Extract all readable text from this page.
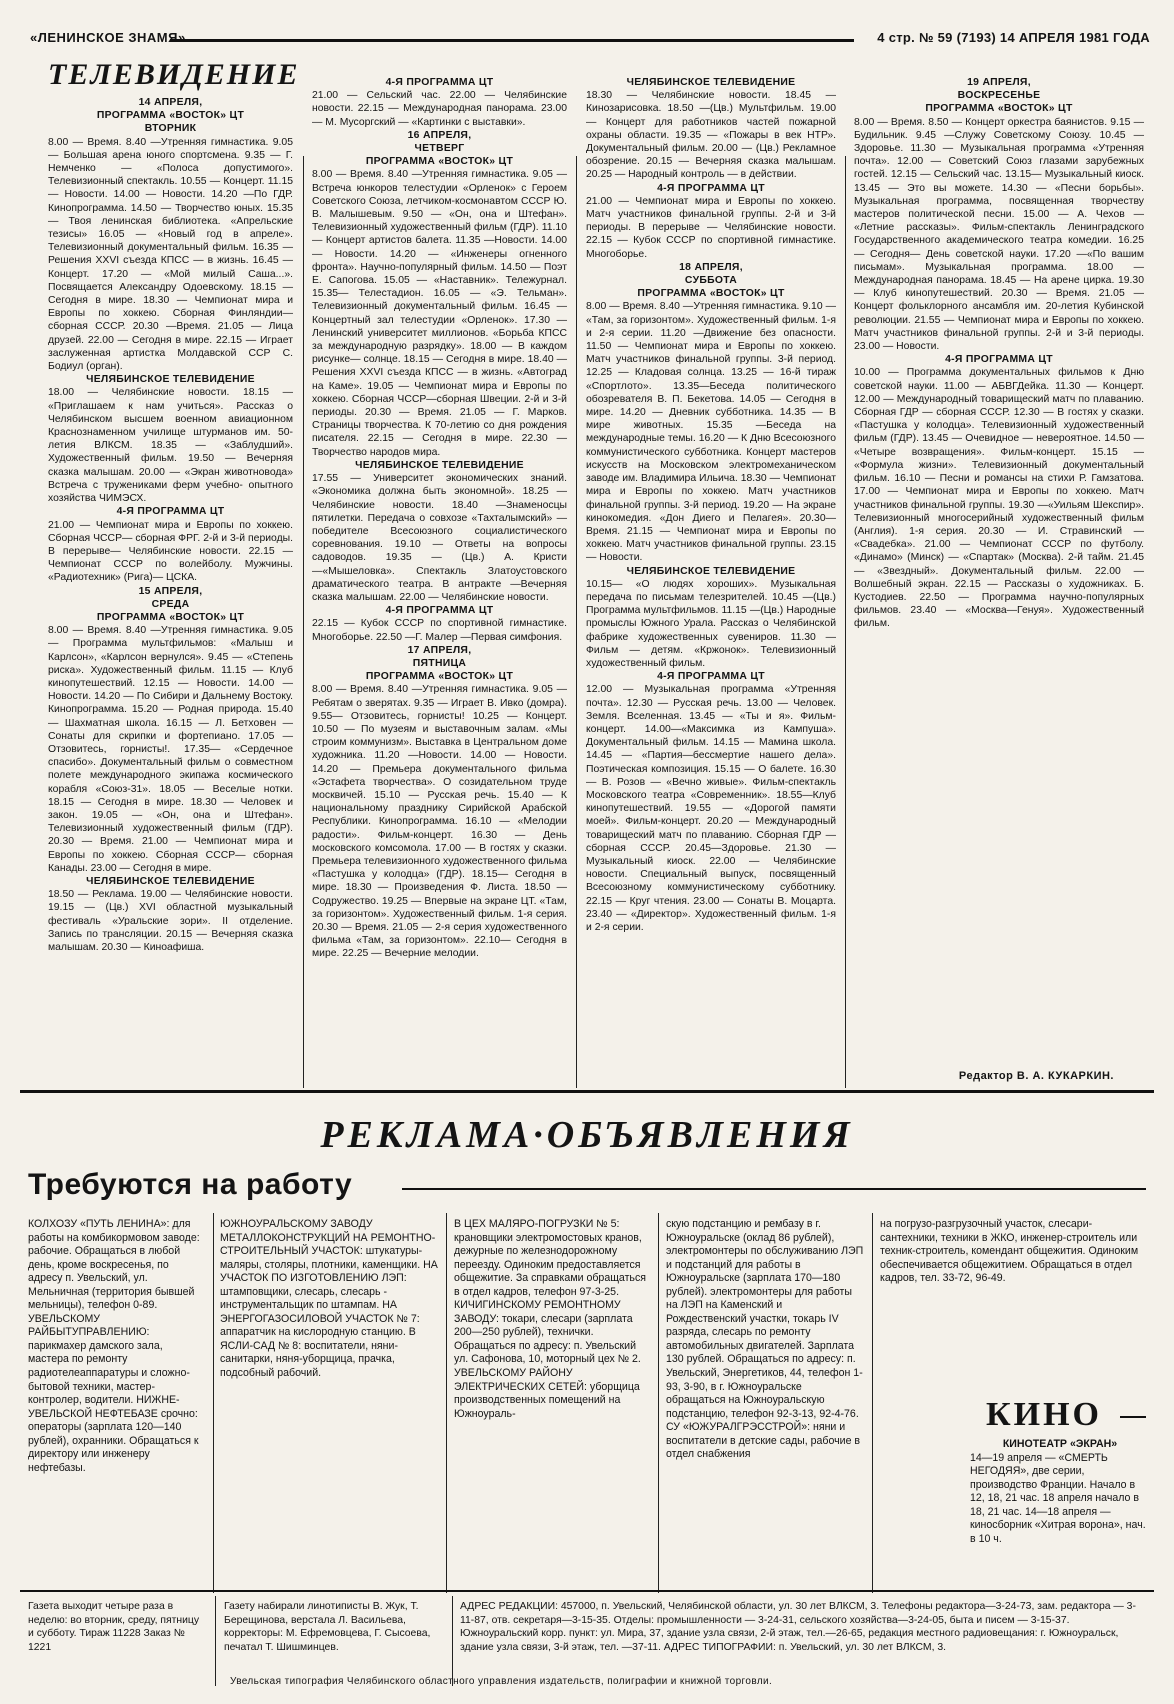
«ЛЕНИНСКОЕ ЗНАМЯ»	4 стр. № 59 (7193) 14 АПРЕЛЯ 1981 ГОДА
ТЕЛЕВИДЕНИЕ

14 АПРЕЛЯ,

ПРОГРАММА «ВОСТОК» ЦТ

ВТОРНИК

8.00 — Время. 8.40 —Утренняя гимнастика. 9.05— Большая арена юного спортсмена. 9.35 — Г. Немченко — «Полоса допустимого». Телевизионный спектакль. 10.55 — Концерт. 11.15 — Новости. 14.00 — Новости. 14.20 —По ГДР. Кинопрограмма. 14.50 — Творчество юных. 15.35 — Твоя ленинская библиотека. «Апрельские тезисы» 16.05 — «Новый год в апреле». Телевизионный документальный фильм. 16.35 — Решения XXVI съезда КПСС — в жизнь. 16.45 — Концерт. 17.20 — «Мой милый Саша...». Посвящается Александру Одоевскому. 18.15 — Сегодня в мире. 18.30 — Чемпионат мира и Европы по хоккею. Сборная Финляндии— сборная СССР. 20.30 —Время. 21.05 — Лица друзей. 22.00 — Сегодня в мире. 22.15 — Играет заслуженная артистка Молдавской ССР С. Бодиул (орган).

ЧЕЛЯБИНСКОЕ ТЕЛЕВИДЕНИЕ

18.00 — Челябинские новости. 18.15 — «Приглашаем к нам учиться». Рассказ о Челябинском высшем военном авиационном Краснознаменном училище штурманов им. 50-летия ВЛКСМ. 18.35 — «Заблудший». Художественный фильм. 19.50 — Вечерняя сказка малышам. 20.00 — «Экран животновода» Встреча с тружениками ферм учебно- опытного хозяйства ЧИМЭСХ.

4-Я ПРОГРАММА ЦТ

21.00 — Чемпионат мира и Европы по хоккею. Сборная ЧССР— сборная ФРГ. 2-й и 3-й периоды. В перерыве— Челябинские новости. 22.15 — Чемпионат СССР по волейболу. Мужчины. «Радиотехник» (Рига)— ЦСКА.

15 АПРЕЛЯ,

СРЕДА

ПРОГРАММА «ВОСТОК» ЦТ

8.00 — Время. 8.40 —Утренняя гимнастика. 9.05 — Программа мультфильмов: «Малыш и Карлсон», «Карлсон вернулся». 9.45 — «Степень риска». Художественный фильм. 11.15 — Клуб кинопутешествий. 12.15 — Новости. 14.00 — Новости. 14.20 — По Сибири и Дальнему Востоку. Кинопрограмма. 15.20 — Родная природа. 15.40 — Шахматная школа. 16.15 — Л. Бетховен — Сонаты для скрипки и фортепиано. 17.05 —Отзовитесь, горнисты!. 17.35— «Сердечное спасибо». Документальный фильм о совместном полете международного экипажа космического корабля «Союз-31». 18.05 — Веселые нотки. 18.15 — Сегодня в мире. 18.30 — Человек и закон. 19.05 — «Он, она и Штефан». Телевизионный художественный фильм (ГДР). 20.30 — Время. 21.00 — Чемпионат мира и Европы по хоккею. Сборная СССР— сборная Канады. 23.00 — Сегодня в мире.

ЧЕЛЯБИНСКОЕ ТЕЛЕВИДЕНИЕ

18.50 — Реклама. 19.00 — Челябинские новости. 19.15 — (Цв.) XVI областной музыкальный фестиваль «Уральские зори». II отделение. Запись по трансляции. 20.15 — Вечерняя сказка малышам. 20.30 — Киноафиша.

4-Я ПРОГРАММА ЦТ

21.00 — Сельский час. 22.00 — Челябинские новости. 22.15 — Международная панорама. 23.00 — М. Мусоргский — «Картинки с выставки».

16 АПРЕЛЯ,

ЧЕТВЕРГ

ПРОГРАММА «ВОСТОК» ЦТ

8.00 — Время. 8.40 —Утренняя гимнастика. 9.05 — Встреча юнкоров телестудии «Орленок» с Героем Советского Союза, летчиком-космонавтом СССР Ю. В. Малышевым. 9.50 — «Он, она и Штефан». Телевизионный художественный фильм (ГДР). 11.10 — Концерт артистов балета. 11.35 —Новости. 14.00 — Новости. 14.20 — «Инженеры огненного фронта». Научно-популярный фильм. 14.50 — Поэт Е. Сапогова. 15.05 — «Наставник». Тележурнал. 15.35— Телестадион. 16.05 — «Э. Тельман». Телевизионный документальный фильм. 16.45 — Концертный зал телестудии «Орленок». 17.30 —Ленинский университет миллионов. «Борьба КПСС за международную разрядку». 18.00 — В каждом рисунке— солнце. 18.15 — Сегодня в мире. 18.40 — Решения XXVI съезда КПСС — в жизнь. «Автоград на Каме». 19.05 — Чемпионат мира и Европы по хоккею. Сборная ЧССР—сборная Швеции. 2-й и 3-й периоды. 20.30 — Время. 21.05 — Г. Марков. Страницы творчества. К 70-летию со дня рождения писателя. 22.15 — Сегодня в мире. 22.30 — Творчество народов мира.

ЧЕЛЯБИНСКОЕ ТЕЛЕВИДЕНИЕ

17.55 — Университет экономических знаний. «Экономика должна быть экономной». 18.25 — Челябинские новости. 18.40 —Знаменосцы пятилетки. Передача о совхозе «Тахталымский» — победителе Всесоюзного социалистического соревнования. 19.10 — Ответы на вопросы садоводов. 19.35 — (Цв.) А. Кристи —«Мышеловка». Спектакль Златоустовского драматического театра. В антракте —Вечерняя сказка малышам. 22.00 — Челябинские новости.

4-Я ПРОГРАММА ЦТ

22.15 — Кубок СССР по спортивной гимнастике. Многоборье. 22.50 —Г. Малер —Первая симфония.

17 АПРЕЛЯ,

ПЯТНИЦА

ПРОГРАММА «ВОСТОК» ЦТ

8.00 — Время. 8.40 —Утренняя гимнастика. 9.05 — Ребятам о зверятах. 9.35 — Играет В. Ивко (домра). 9.55— Отзовитесь, горнисты! 10.25 — Концерт. 10.50 — По музеям и выставочным залам. «Мы строим коммунизм». Выставка в Центральном доме художника. 11.20 —Новости. 14.00 — Новости. 14.20 — Премьера документального фильма «Эстафета творчества». О созидательном труде москвичей. 15.10 — Русская речь. 15.40 — К национальному празднику Сирийской Арабской Республики. Кинопрограмма. 16.10 — «Мелодии радости». Фильм-концерт. 16.30 — День московского комсомола. 17.00 — В гостях у сказки. Премьера телевизионного художественного фильма «Пастушка у колодца» (ГДР). 18.15— Сегодня в мире. 18.30 — Произведения Ф. Листа. 18.50 — Содружество. 19.25 — Впервые на экране ЦТ. «Там, за горизонтом». Художественный фильм. 1-я серия. 20.30 — Время. 21.05 — 2-я серия художественного фильма «Там, за горизонтом». 22.10— Сегодня в мире. 22.25 — Вечерние мелодии.

ЧЕЛЯБИНСКОЕ ТЕЛЕВИДЕНИЕ

18.30 — Челябинские новости. 18.45 — Кинозарисовка. 18.50 —(Цв.) Мультфильм. 19.00 — Концерт для работников частей пожарной охраны области. 19.35 — «Пожары в век НТР». Документальный фильм. 20.00 — (Цв.) Рекламное обозрение. 20.15 — Вечерняя сказка малышам. 20.25 — Народный контроль — в действии.

4-Я ПРОГРАММА ЦТ

21.00 — Чемпионат мира и Европы по хоккею. Матч участников финальной группы. 2-й и 3-й периоды. В перерыве — Челябинские новости. 22.15 — Кубок СССР по спортивной гимнастике. Многоборье.

18 АПРЕЛЯ,

СУББОТА

ПРОГРАММА «ВОСТОК» ЦТ

8.00 — Время. 8.40 —Утренняя гимнастика. 9.10 — «Там, за горизонтом». Художественный фильм. 1-я и 2-я серии. 11.20 —Движение без опасности. 11.50 — Чемпионат мира и Европы по хоккею. Матч участников финальной группы. 3-й период. 12.25 — Кладовая солнца. 13.25 — 16-й тираж «Спортлото». 13.35—Беседа политического обозревателя В. П. Бекетова. 14.05 — Сегодня в мире. 14.20 — Дневник субботника. 14.35 — В мире животных. 15.35 —Беседа на международные темы. 16.20 — К Дню Всесоюзного коммунистического субботника. Концерт мастеров искусств на Московском электромеханическом заводе им. Владимира Ильича. 18.30 — Чемпионат мира и Европы по хоккею. Матч участников финальной группы. 3-й период. 19.20 — На экране кинокомедия. «Дон Диего и Пелагея». 20.30—Время. 21.15 — Чемпионат мира и Европы по хоккею. Матч участников финальной группы. 23.15 — Новости.

ЧЕЛЯБИНСКОЕ ТЕЛЕВИДЕНИЕ

10.15— «О людях хороших». Музыкальная передача по письмам телезрителей. 10.45 —(Цв.) Программа мультфильмов. 11.15 —(Цв.) Народные промыслы Южного Урала. Рассказ о Челябинской фабрике художественных сувениров. 11.30 — Фильм — детям. «Кржонок». Телевизионный художественный фильм.

4-Я ПРОГРАММА ЦТ

12.00 — Музыкальная программа «Утренняя почта». 12.30 — Русская речь. 13.00 — Человек. Земля. Вселенная. 13.45 — «Ты и я». Фильм-концерт. 14.00—«Максимка из Кампуша». Документальный фильм. 14.15 — Мамина школа. 14.45 — «Партия—бессмертие нашего дела». Поэтическая композиция. 15.15 — О балете. 16.30— В. Розов — «Вечно живые». Фильм-спектакль Московского театра «Современник». 18.55—Клуб кинопутешествий. 19.55 — «Дорогой памяти моей». Фильм-концерт. 20.20 — Международный товарищеский матч по плаванию. Сборная ГДР — сборная СССР. 20.45—Здоровье. 21.30 — Музыкальный киоск. 22.00 — Челябинские новости. Специальный выпуск, посвященный Всесоюзному коммунистическому субботнику. 22.15 — Круг чтения. 23.00 — Сонаты В. Моцарта. 23.40 — «Директор». Художественный фильм. 1-я и 2-я серии.

19 АПРЕЛЯ,

ВОСКРЕСЕНЬЕ

ПРОГРАММА «ВОСТОК» ЦТ

8.00 — Время. 8.50 — Концерт оркестра баянистов. 9.15 — Будильник. 9.45 —Служу Советскому Союзу. 10.45 — Здоровье. 11.30 — Музыкальная программа «Утренняя почта». 12.00 — Советский Союз глазами зарубежных гостей. 12.15 — Сельский час. 13.15— Музыкальный киоск. 13.45 — Это вы можете. 14.30 — «Песни борьбы». Музыкальная программа, посвященная творчеству мастеров политической песни. 15.00 — А. Чехов — «Летние рассказы». Фильм-спектакль Ленинградского Государственного академического театра комедии. 16.25 — Сегодня— День советской науки. 17.20 —«По вашим письмам». Музыкальная программа. 18.00 — Международная панорама. 18.45 — На арене цирка. 19.30 — Клуб кинопутешествий. 20.30 — Время. 21.05 — Концерт фольклорного ансамбля им. 20-летия Кубинской революции. 21.55 — Чемпионат мира и Европы по хоккею. Матч участников финальной группы. 2-й и 3-й периоды. 23.00 — Новости.

4-Я ПРОГРАММА ЦТ

10.00 — Программа документальных фильмов к Дню советской науки. 11.00 — АБВГДейка. 11.30 — Концерт. 12.00 — Международный товарищеский матч по плаванию. Сборная ГДР — сборная СССР. 12.30 — В гостях у сказки. «Пастушка у колодца». Телевизионный художественный фильм (ГДР). 13.45 — Очевидное — невероятное. 14.50 — «Четыре возвращения». Фильм-концерт. 15.15 — «Формула жизни». Телевизионный документальный фильм. 16.10 — Песни и романсы на стихи Р. Гамзатова. 17.00 — Чемпионат мира и Европы по хоккею. Матч участников финальной группы. 19.30 —«Уильям Шекспир». Телевизионный многосерийный художественный фильм (Англия). 1-я серия. 20.30 — И. Стравинский — «Свадебка». 21.00 — Чемпионат СССР по футболу. «Динамо» (Минск) — «Спартак» (Москва). 2-й тайм. 21.45— «Звездный». Документальный фильм. 22.00 — Волшебный экран. 22.15 — Рассказы о художниках. Б. Кустодиев. 22.50 — Программа научно-популярных фильмов. 23.40 — «Москва—Генуя». Художественный фильм.

Редактор В. А. КУКАРКИН.
РЕКЛАМА·ОБЪЯВЛЕНИЯ
Требуются на работу
КОЛХОЗУ «ПУТЬ ЛЕНИНА»: для работы на комбикормовом заводе: рабочие. Обращаться в любой день, кроме воскресенья, по адресу п. Увельский, ул. Мельничная (территория бывшей мельницы), телефон 0-89. УВЕЛЬСКОМУ РАЙБЫТУПРАВЛЕНИЮ: парикмахер дамского зала, мастера по ремонту радиотелеаппаратуры и сложно-бытовой техники, мастер-контролер, водители. НИЖНЕ-УВЕЛЬСКОЙ НЕФТЕБАЗЕ срочно: операторы (зарплата 120—140 рублей), охранники. Обращаться к директору или инженеру нефтебазы.
ЮЖНОУРАЛЬСКОМУ ЗАВОДУ МЕТАЛЛОКОНСТРУКЦИЙ НА РЕМОНТНО-СТРОИТЕЛЬНЫЙ УЧАСТОК: штукатуры-маляры, столяры, плотники, каменщики. НА УЧАСТОК ПО ИЗГОТОВЛЕНИЮ ЛЭП: штамповщики, слесарь, слесарь - инструментальщик по штампам. НА ЭНЕРГОГАЗОСИЛОВОЙ УЧАСТОК № 7: аппаратчик на кислородную станцию. В ЯСЛИ-САД № 8: воспитатели, няни-санитарки, няня-уборщица, прачка, подсобный рабочий.
В ЦЕХ МАЛЯРО-ПОГРУЗКИ № 5: крановщики электромостовых кранов, дежурные по железнодорожному переезду. Одиноким предоставляется общежитие. За справками обращаться в отдел кадров, телефон 97-3-25. КИЧИГИНСКОМУ РЕМОНТНОМУ ЗАВОДУ: токари, слесари (зарплата 200—250 рублей), технички. Обращаться по адресу: п. Увельский ул. Сафонова, 10, моторный цех № 2. УВЕЛЬСКОМУ РАЙОНУ ЭЛЕКТРИЧЕСКИХ СЕТЕЙ: уборщица производственных помещений на Южноураль-
скую подстанцию и рембазу в г. Южноуральске (оклад 86 рублей), электромонтеры по обслуживанию ЛЭП и подстанций для работы в Южноуральске (зарплата 170—180 рублей). электромонтеры для работы на ЛЭП на Каменский и Рождественский участки, токарь IV разряда, слесарь по ремонту автомобильных двигателей. Зарплата 130 рублей. Обращаться по адресу: п. Увельский, Энергетиков, 44, телефон 1-93, 3-90, в г. Южноуральске обращаться на Южноуральскую подстанцию, телефон 92-3-13, 92-4-76. СУ «ЮЖУРАЛГРЭССТРОЙ»: няни и воспитатели в детские сады, рабочие в отдел снабжения
на погрузо-разгрузочный участок, слесари-сантехники, техники в ЖКО, инженер-строитель или техник-строитель, комендант общежития. Одиноким обеспечивается общежитием. Обращаться в отдел кадров, тел. 33-72, 96-49.
КИНО

КИНОТЕАТР «ЭКРАН»

14—19 апреля — «СМЕРТЬ НЕГОДЯЯ», две серии, производство Франции. Начало в 12, 18, 21 час. 18 апреля начало в 18, 21 час. 14—18 апреля —киносборник «Хитрая ворона», нач. в 10 ч.

Газета выходит четыре раза в неделю: во вторник, среду, пятницу и субботу. Тираж 11228 Заказ № 1221
Газету набирали линотиписты В. Жук, Т. Берещинова, верстала Л. Васильева, корректоры: М. Ефремовцева, Г. Сысоева, печатал Т. Шишминцев.
АДРЕС РЕДАКЦИИ: 457000, п. Увельский, Челябинской области, ул. 30 лет ВЛКСМ, 3. Телефоны редактора—3-24-73, зам. редактора — 3-11-87, отв. секретаря—3-15-35. Отделы: промышленности — 3-24-31, сельского хозяйства—3-24-05, быта и писем — 3-15-37. Южноуральский корр. пункт: ул. Мира, 37, здание узла связи, 2-й этаж, тел.—26-65, редакция местного радиовещания: г. Южноуральск, здание узла связи, 3-й этаж, тел. —37-11. АДРЕС ТИПОГРАФИИ: п. Увельский, ул. 30 лет ВЛКСМ, 3.
Увельская типография Челябинского областного управления издательств, полиграфии и книжной торговли.
